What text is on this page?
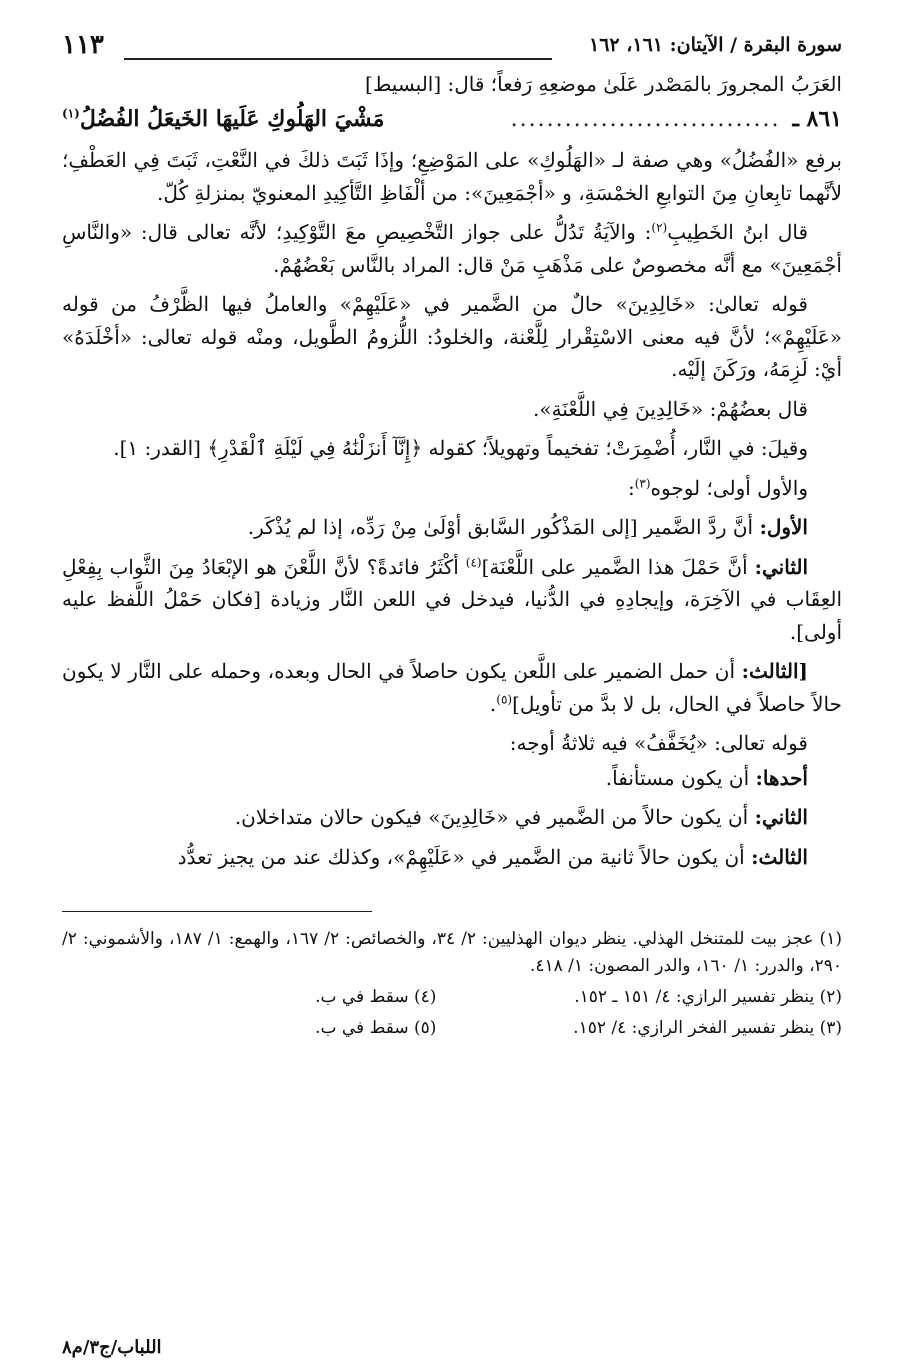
سورة البقرة / الآيتان: ١٦١، ١٦٢
١١٣

العَرَبُ المجرورَ بالمَصْدر عَلَىٰ موضعِهِ رَفعاً؛ قال: [البسيط]

٨٦١ ـ
..............................
مَشْيَ الهَلُوكِ عَلَيهَا الخَيعَلُ الفُضُلُ$^{(١)}$

برفع «الفُضُلُ» وهي صفة لـ «الهَلُوكِ» على المَوْضِعِ؛ وإذَا ثَبَتَ ذلكَ في النَّعْتِ، ثَبَتَ فِي العَطْفِ؛ لأنَّهما تابِعانِ مِنَ التوابعِ الخمْسَةِ، و «أجْمَعِينَ»: من ألْفَاظِ التَّأكِيدِ المعنويّ بمنزلةِ كُلّ.

قال ابنُ الخَطِيبِ$^{(٢)}$: والآيَةُ تَدُلُّ على جواز التَّخْصِيصِ معَ التَّوْكِيدِ؛ لأنَّه تعالى قال: «والنَّاسِ أجْمَعِينَ» مع أنَّه مخصوصٌ على مَذْهَبِ مَنْ قال: المراد بالنَّاس بَعْضُهُمْ.

قوله تعالىٰ: «خَالِدِينَ» حالٌ من الضَّمير في «عَلَيْهِمْ» والعاملُ فيها الظَّرْفُ من قوله «عَلَيْهِمْ»؛ لأنَّ فيه معنى الاسْتِقْرار لِلَّعْنة، والخلودُ: اللُّزومُ الطَّويل، ومنْه قوله تعالى: «أخْلَدَهُ» أيْ: لَزِمَهُ، ورَكَنَ إلَيْه.

قال بعضُهُمْ: «خَالِدِينَ فِي اللَّعْنَةِ».

وقيلَ: في النَّار، أُضْمِرَتْ؛ تفخيماً وتهويلاً؛ كقوله ﴿إِنَّآ أَنزَلْنَٰهُ فِي لَيْلَةِ ٱلْقَدْرِ﴾ [القدر: ١].

والأول أولى؛ لوجوه$^{(٣)}$:

الأول: أنَّ ردَّ الضَّمير [إلى المَذْكُور السَّابق أوْلَىٰ مِنْ رَدِّه، إذا لم يُذْكَر.

الثاني: أنَّ حَمْلَ هذا الضَّمير على اللَّعْنَة]$^{(٤)}$ أكْثَرُ فائدةً؟ لأنَّ اللَّعْنَ هو الإبْعَادُ مِنَ الثَّواب بِفِعْلِ العِقَاب في الآخِرَة، وإيجادِهِ في الدُّنيا، فيدخل في اللعن النَّار وزيادة [فكان حَمْلُ اللَّفظ عليه أولى].

[الثالث: أن حمل الضمير على اللَّعن يكون حاصلاً في الحال وبعده، وحمله على النَّار لا يكون حالاً حاصلاً في الحال، بل لا بدَّ من تأويل]$^{(٥)}$.

قوله تعالى: «يُخَفَّفُ» فيه ثلاثةُ أوجه:

أحدها: أن يكون مستأنفاً.

الثاني: أن يكون حالاً من الضَّمير في «خَالِدِينَ» فيكون حالان متداخلان.

الثالث: أن يكون حالاً ثانية من الضَّمير في «عَلَيْهِمْ»، وكذلك عند من يجيز تعدُّد

(١) عجز بيت للمتنخل الهذلي. ينظر ديوان الهذليين: ٢/ ٣٤، والخصائص: ٢/ ١٦٧، والهمع: ١/ ١٨٧، والأشموني: ٢/ ٢٩٠، والدرر: ١/ ١٦٠، والدر المصون: ١/ ٤١٨.
(٢) ينظر تفسير الرازي: ٤/ ١٥١ ـ ١٥٢.
(٤) سقط في ب.
(٣) ينظر تفسير الفخر الرازي: ٤/ ١٥٢.
(٥) سقط في ب.
اللباب/ج٣/م٨
